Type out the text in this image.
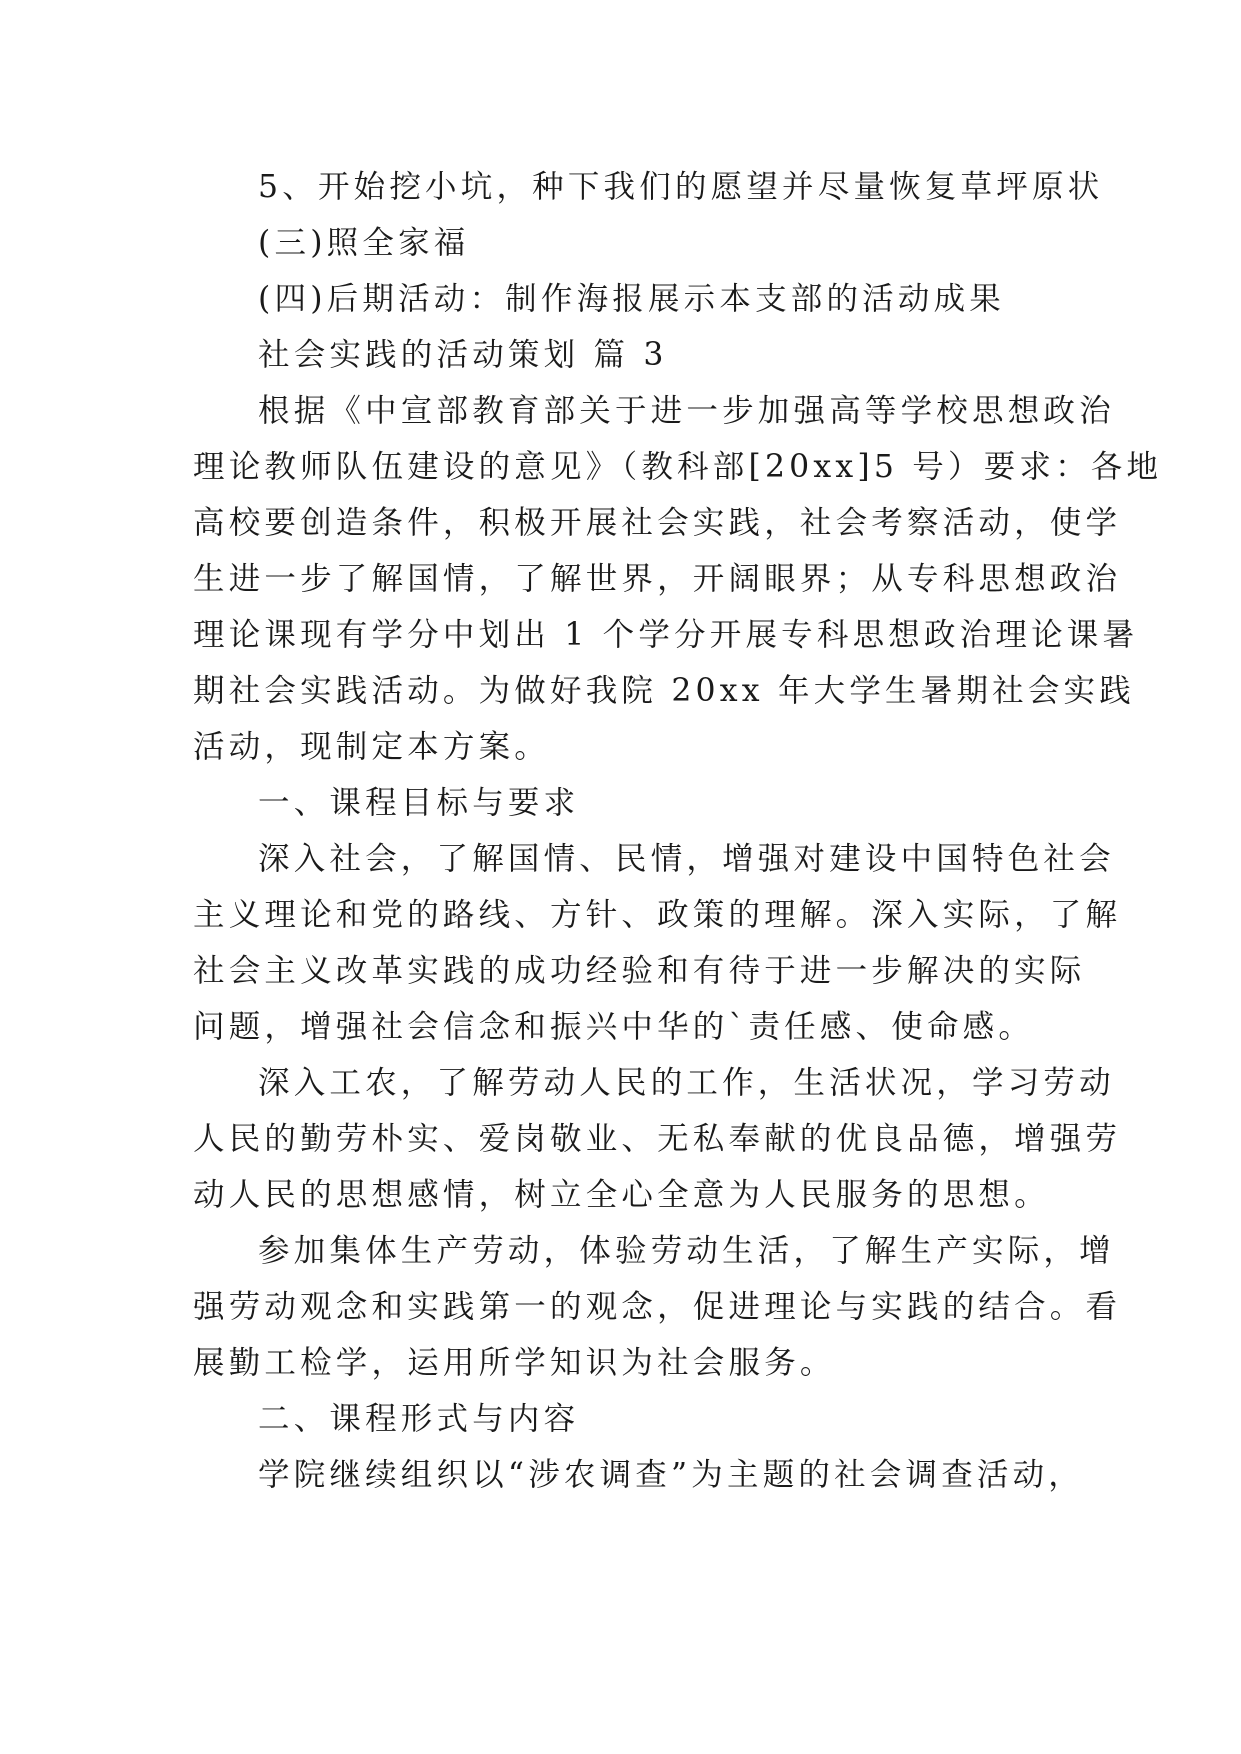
5、开始挖小坑，种下我们的愿望并尽量恢复草坪原状
(三)照全家福
(四)后期活动：制作海报展示本支部的活动成果
社会实践的活动策划 篇 3
根据《中宣部教育部关于进一步加强高等学校思想政治
理论教师队伍建设的意见》（教科部[20xx]5 号）要求：各地
高校要创造条件，积极开展社会实践，社会考察活动，使学
生进一步了解国情，了解世界，开阔眼界；从专科思想政治
理论课现有学分中划出 1 个学分开展专科思想政治理论课暑
期社会实践活动。为做好我院 20xx 年大学生暑期社会实践
活动，现制定本方案。
一、课程目标与要求
深入社会，了解国情、民情，增强对建设中国特色社会
主义理论和党的路线、方针、政策的理解。深入实际，了解
社会主义改革实践的成功经验和有待于进一步解决的实际
问题，增强社会信念和振兴中华的`责任感、使命感。
深入工农，了解劳动人民的工作，生活状况，学习劳动
人民的勤劳朴实、爱岗敬业、无私奉献的优良品德，增强劳
动人民的思想感情，树立全心全意为人民服务的思想。
参加集体生产劳动，体验劳动生活，了解生产实际，增
强劳动观念和实践第一的观念，促进理论与实践的结合。看
展勤工检学，运用所学知识为社会服务。
二、课程形式与内容
学院继续组织以“涉农调查”为主题的社会调查活动，
